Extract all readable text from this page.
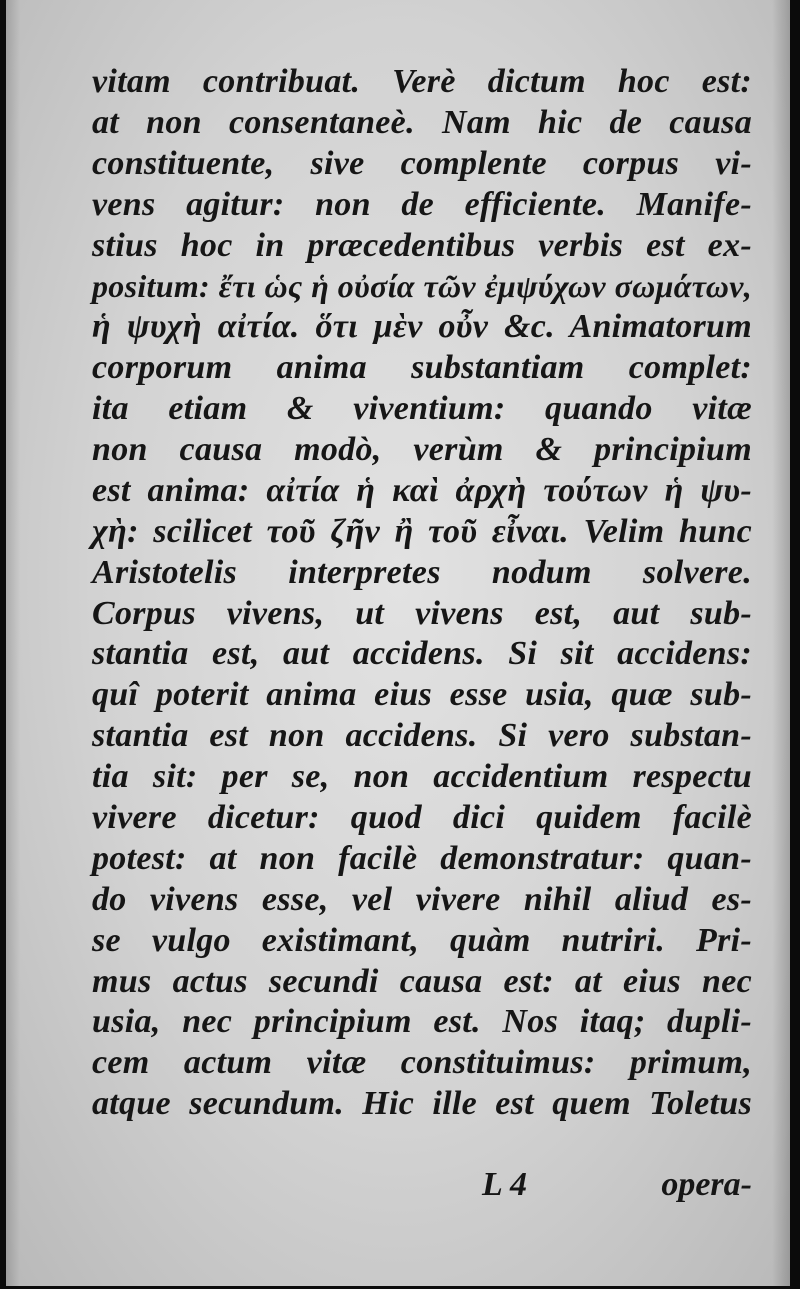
vitam contribuat. Verè dictum hoc est:
at non consentaneè. Nam hic de causa
constituente, sive complente corpus vi-
vens agitur: non de efficiente. Manife-
stius hoc in præcedentibus verbis est ex-
positum: ἔτι ὡς ἡ οὐσία τῶν ἐμψύχων σωμάτων,
ἡ ψυχὴ αἰτία. ὅτι μὲν οὖν &c. Animatorum
corporum anima substantiam complet:
ita etiam & viventium: quando vitæ
non causa modò, verùm & principium
est anima: αἰτία ἡ καὶ ἀρχὴ τούτων ἡ ψυ-
χὴ: scilicet τοῦ ζῆν ἢ τοῦ εἶναι. Velim hunc
Aristotelis interpretes nodum solvere.
Corpus vivens, ut vivens est, aut sub-
stantia est, aut accidens. Si sit accidens:
quî poterit anima eius esse usia, quæ sub-
stantia est non accidens. Si vero substan-
tia sit: per se, non accidentium respectu
vivere dicetur: quod dici quidem facilè
potest: at non facilè demonstratur: quan-
do vivens esse, vel vivere nihil aliud es-
se vulgo existimant, quàm nutriri. Pri-
mus actus secundi causa est: at eius nec
usia, nec principium est. Nos itaq; dupli-
cem actum vitæ constituimus: primum,
atque secundum. Hic ille est quem Toletus
L 4	opera-
